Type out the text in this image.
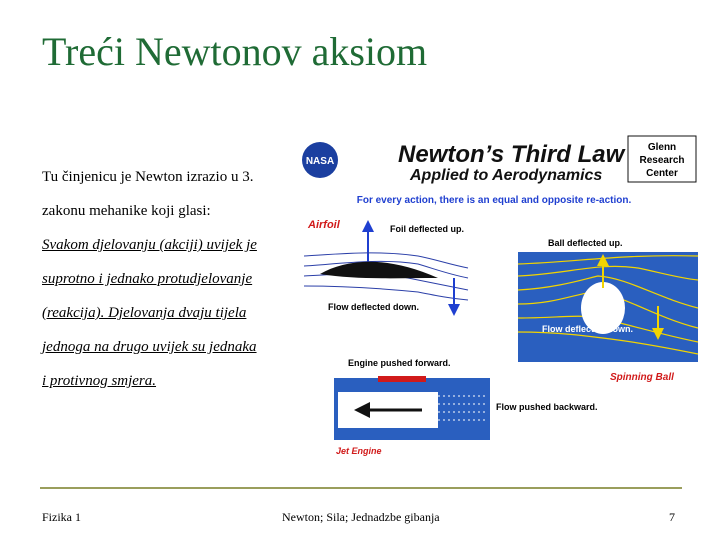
Treći Newtonov aksiom
Tu činjenicu je Newton izrazio u 3.
zakonu mehanike koji glasi:
Svakom djelovanju (akciji) uvijek je
suprotno i jednako protudjelovanje
(reakcija). Djelovanja dvaju tijela
jednoga na drugo uvijek su jednaka
i protivnog smjera.
NASA	Newton’s Third Law
Applied to Aerodynamics
Glenn
Research
Center
For every action, there is an equal and opposite re-action.
Airfoil	Foil deflected up.
Flow deflected down.
Ball deflected up.
Flow deflected down.
Spinning Ball
Engine pushed forward.
Flow pushed backward.
Jet Engine
Fizika 1	Newton; Sila; Jednadzbe gibanja	7
